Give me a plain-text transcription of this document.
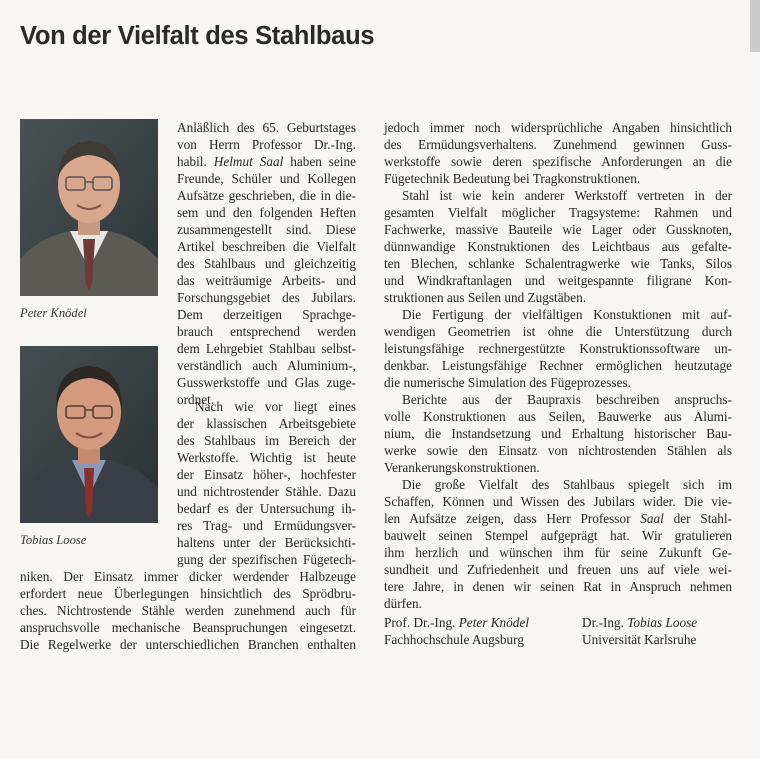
Von der Vielfalt des Stahlbaus
Peter Knödel
Tobias Loose
Anläßlich des 65. Geburtstages
von Herrn Professor Dr.-Ing.
habil. Helmut Saal haben seine
Freunde, Schüler und Kollegen
Aufsätze geschrieben, die in die-
sem und den folgenden Heften
zusammengestellt sind. Diese
Artikel beschreiben die Vielfalt
des Stahlbaus und gleichzeitig
das weiträumige Arbeits- und
Forschungsgebiet des Jubilars.
Dem derzeitigen Sprachge-
brauch entsprechend werden
dem Lehrgebiet Stahlbau selbst-
verständlich auch Aluminium-,
Gusswerkstoffe und Glas zuge-
ordnet.
Nach wie vor liegt eines
der klassischen Arbeitsgebiete
des Stahlbaus im Bereich der
Werkstoffe. Wichtig ist heute
der Einsatz höher-, hochfester
und nichtrostender Stähle. Dazu
bedarf es der Untersuchung ih-
res Trag- und Ermüdungsver-
haltens unter der Berücksichti-
gung der spezifischen Fügetech-
niken. Der Einsatz immer dicker werdender Halbzeuge
erfordert neue Überlegungen hinsichtlich des Sprödbru-
ches. Nichtrostende Stähle werden zunehmend auch für
anspruchsvolle mechanische Beanspruchungen eingesetzt.
Die Regelwerke der unterschiedlichen Branchen enthalten
jedoch immer noch widersprüchliche Angaben hinsichtlich
des Ermüdungsverhaltens. Zunehmend gewinnen Guss-
werkstoffe sowie deren spezifische Anforderungen an die
Fügetechnik Bedeutung bei Tragkonstruktionen.
Stahl ist wie kein anderer Werkstoff vertreten in der
gesamten Vielfalt möglicher Tragsysteme: Rahmen und
Fachwerke, massive Bauteile wie Lager oder Gussknoten,
dünnwandige Konstruktionen des Leichtbaus aus gefalte-
ten Blechen, schlanke Schalentragwerke wie Tanks, Silos
und Windkraftanlagen und weitgespannte filigrane Kon-
struktionen aus Seilen und Zugstäben.
Die Fertigung der vielfältigen Konstuktionen mit auf-
wendigen Geometrien ist ohne die Unterstützung durch
leistungsfähige rechnergestützte Konstruktionssoftware un-
denkbar. Leistungsfähige Rechner ermöglichen heutzutage
die numerische Simulation des Fügeprozesses.
Berichte aus der Baupraxis beschreiben anspruchs-
volle Konstruktionen aus Seilen, Bauwerke aus Alumi-
nium, die Instandsetzung und Erhaltung historischer Bau-
werke sowie den Einsatz von nichtrostenden Stählen als
Verankerungskonstruktionen.
Die große Vielfalt des Stahlbaus spiegelt sich im
Schaffen, Können und Wissen des Jubilars wider. Die vie-
len Aufsätze zeigen, dass Herr Professor Saal der Stahl-
bauwelt seinen Stempel aufgeprägt hat. Wir gratulieren
ihm herzlich und wünschen ihm für seine Zukunft Ge-
sundheit und Zufriedenheit und freuen uns auf viele wei-
tere Jahre, in denen wir seinen Rat in Anspruch nehmen
dürfen.
Prof. Dr.-Ing. Peter Knödel
Fachhochschule Augsburg
Dr.-Ing. Tobias Loose
Universität Karlsruhe
